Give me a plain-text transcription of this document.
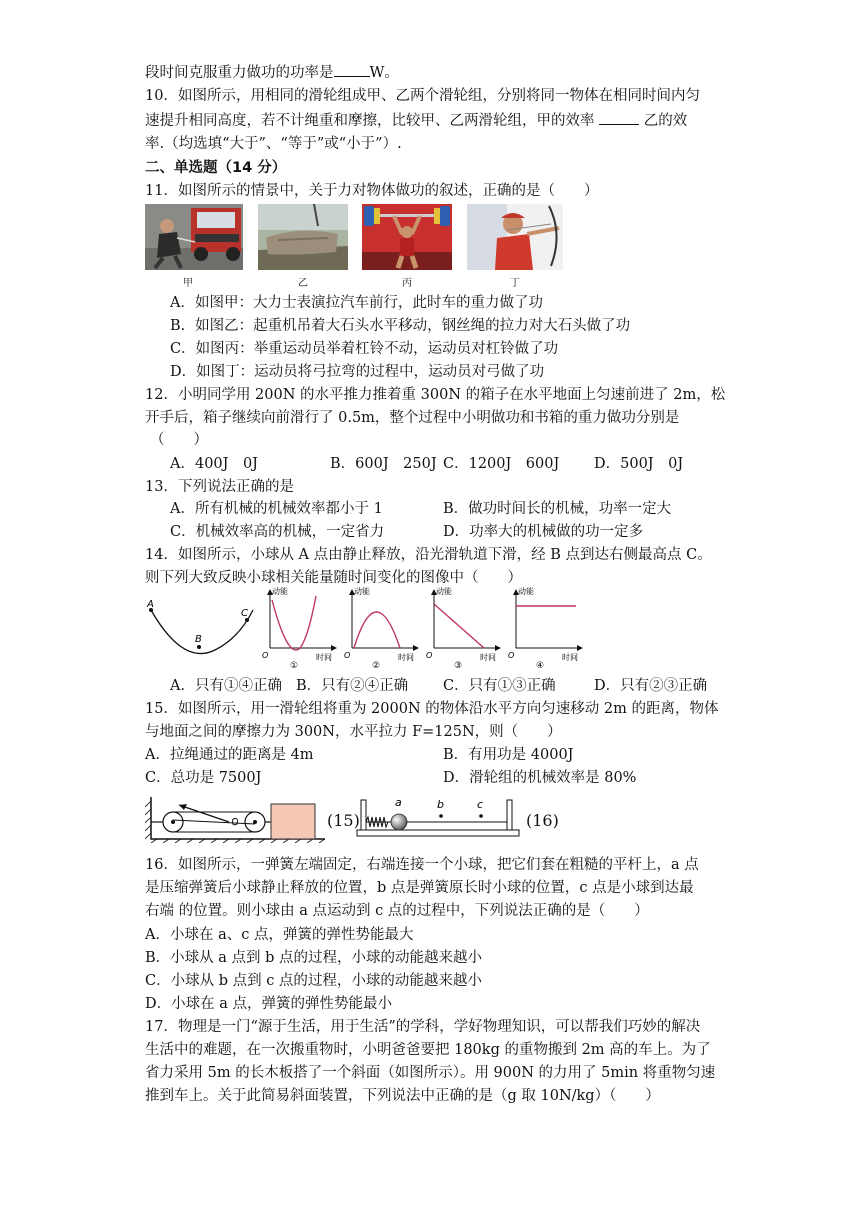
段时间克服重力做功的功率是 W。
10．如图所示，用相同的滑轮组成甲、乙两个滑轮组，分别将同一物体在相同时间内匀
速提升相同高度，若不计绳重和摩擦，比较甲、乙两滑轮组，甲的效率	乙的效
率.（均选填“大于”、“等于”或“小于”）.
二、单选题（14 分）
11．如图所示的情景中，关于力对物体做功的叙述，正确的是（　　）
甲	乙	丙	丁
A．如图甲：大力士表演拉汽车前行，此时车的重力做了功
B．如图乙：起重机吊着大石头水平移动，钢丝绳的拉力对大石头做了功
C．如图丙：举重运动员举着杠铃不动，运动员对杠铃做了功
D．如图丁：运动员将弓拉弯的过程中，运动员对弓做了功
12．小明同学用 200N 的水平推力推着重 300N 的箱子在水平地面上匀速前进了 2m，松
开手后，箱子继续向前滑行了 0.5m，整个过程中小明做功和书箱的重力做功分别是
（　　）
A．400J　0J	B．600J　250J C．1200J　600J D．500J　0J
13．下列说法正确的是
A．所有机械的机械效率都小于 1	B．做功时间长的机械，功率一定大
C．机械效率高的机械，一定省力	D．功率大的机械做的功一定多
14．如图所示，小球从 A 点由静止释放，沿光滑轨道下滑，经 B 点到达右侧最高点 C。
则下列大致反映小球相关能量随时间变化的图像中（　　）
A
B
C
动能
时间
O
①
动能
时间
O
②
动能
时间
O
③
动能
时间
O
④
A．只有①④正确 B．只有②④正确 C．只有①③正确	D．只有②③正确
15．如图所示，用一滑轮组将重为 2000N 的物体沿水平方向匀速移动 2m 的距离，物体
与地面之间的摩擦力为 300N，水平拉力 F=125N，则（　　）
A．拉绳通过的距离是 4m	B．有用功是 4000J
C．总功是 7500J	D．滑轮组的机械效率是 80%
(15)
a	b	c
(16)
16．如图所示，一弹簧左端固定，右端连接一个小球，把它们套在粗糙的平杆上，a 点
是压缩弹簧后小球静止释放的位置，b 点是弹簧原长时小球的位置，c 点是小球到达最
右端 的位置。则小球由 a 点运动到 c 点的过程中，下列说法正确的是（　　）
A．小球在 a、c 点，弹簧的弹性势能最大
B．小球从 a 点到 b 点的过程，小球的动能越来越小
C．小球从 b 点到 c 点的过程，小球的动能越来越小
D．小球在 a 点，弹簧的弹性势能最小
17．物理是一门“源于生活，用于生活”的学科，学好物理知识，可以帮我们巧妙的解决
生活中的难题，在一次搬重物时，小明爸爸要把 180kg 的重物搬到 2m 高的车上。为了
省力采用 5m 的长木板搭了一个斜面（如图所示）。用 900N 的力用了 5min 将重物匀速
推到车上。关于此简易斜面装置，下列说法中正确的是（g 取 10N/kg）（　　）
